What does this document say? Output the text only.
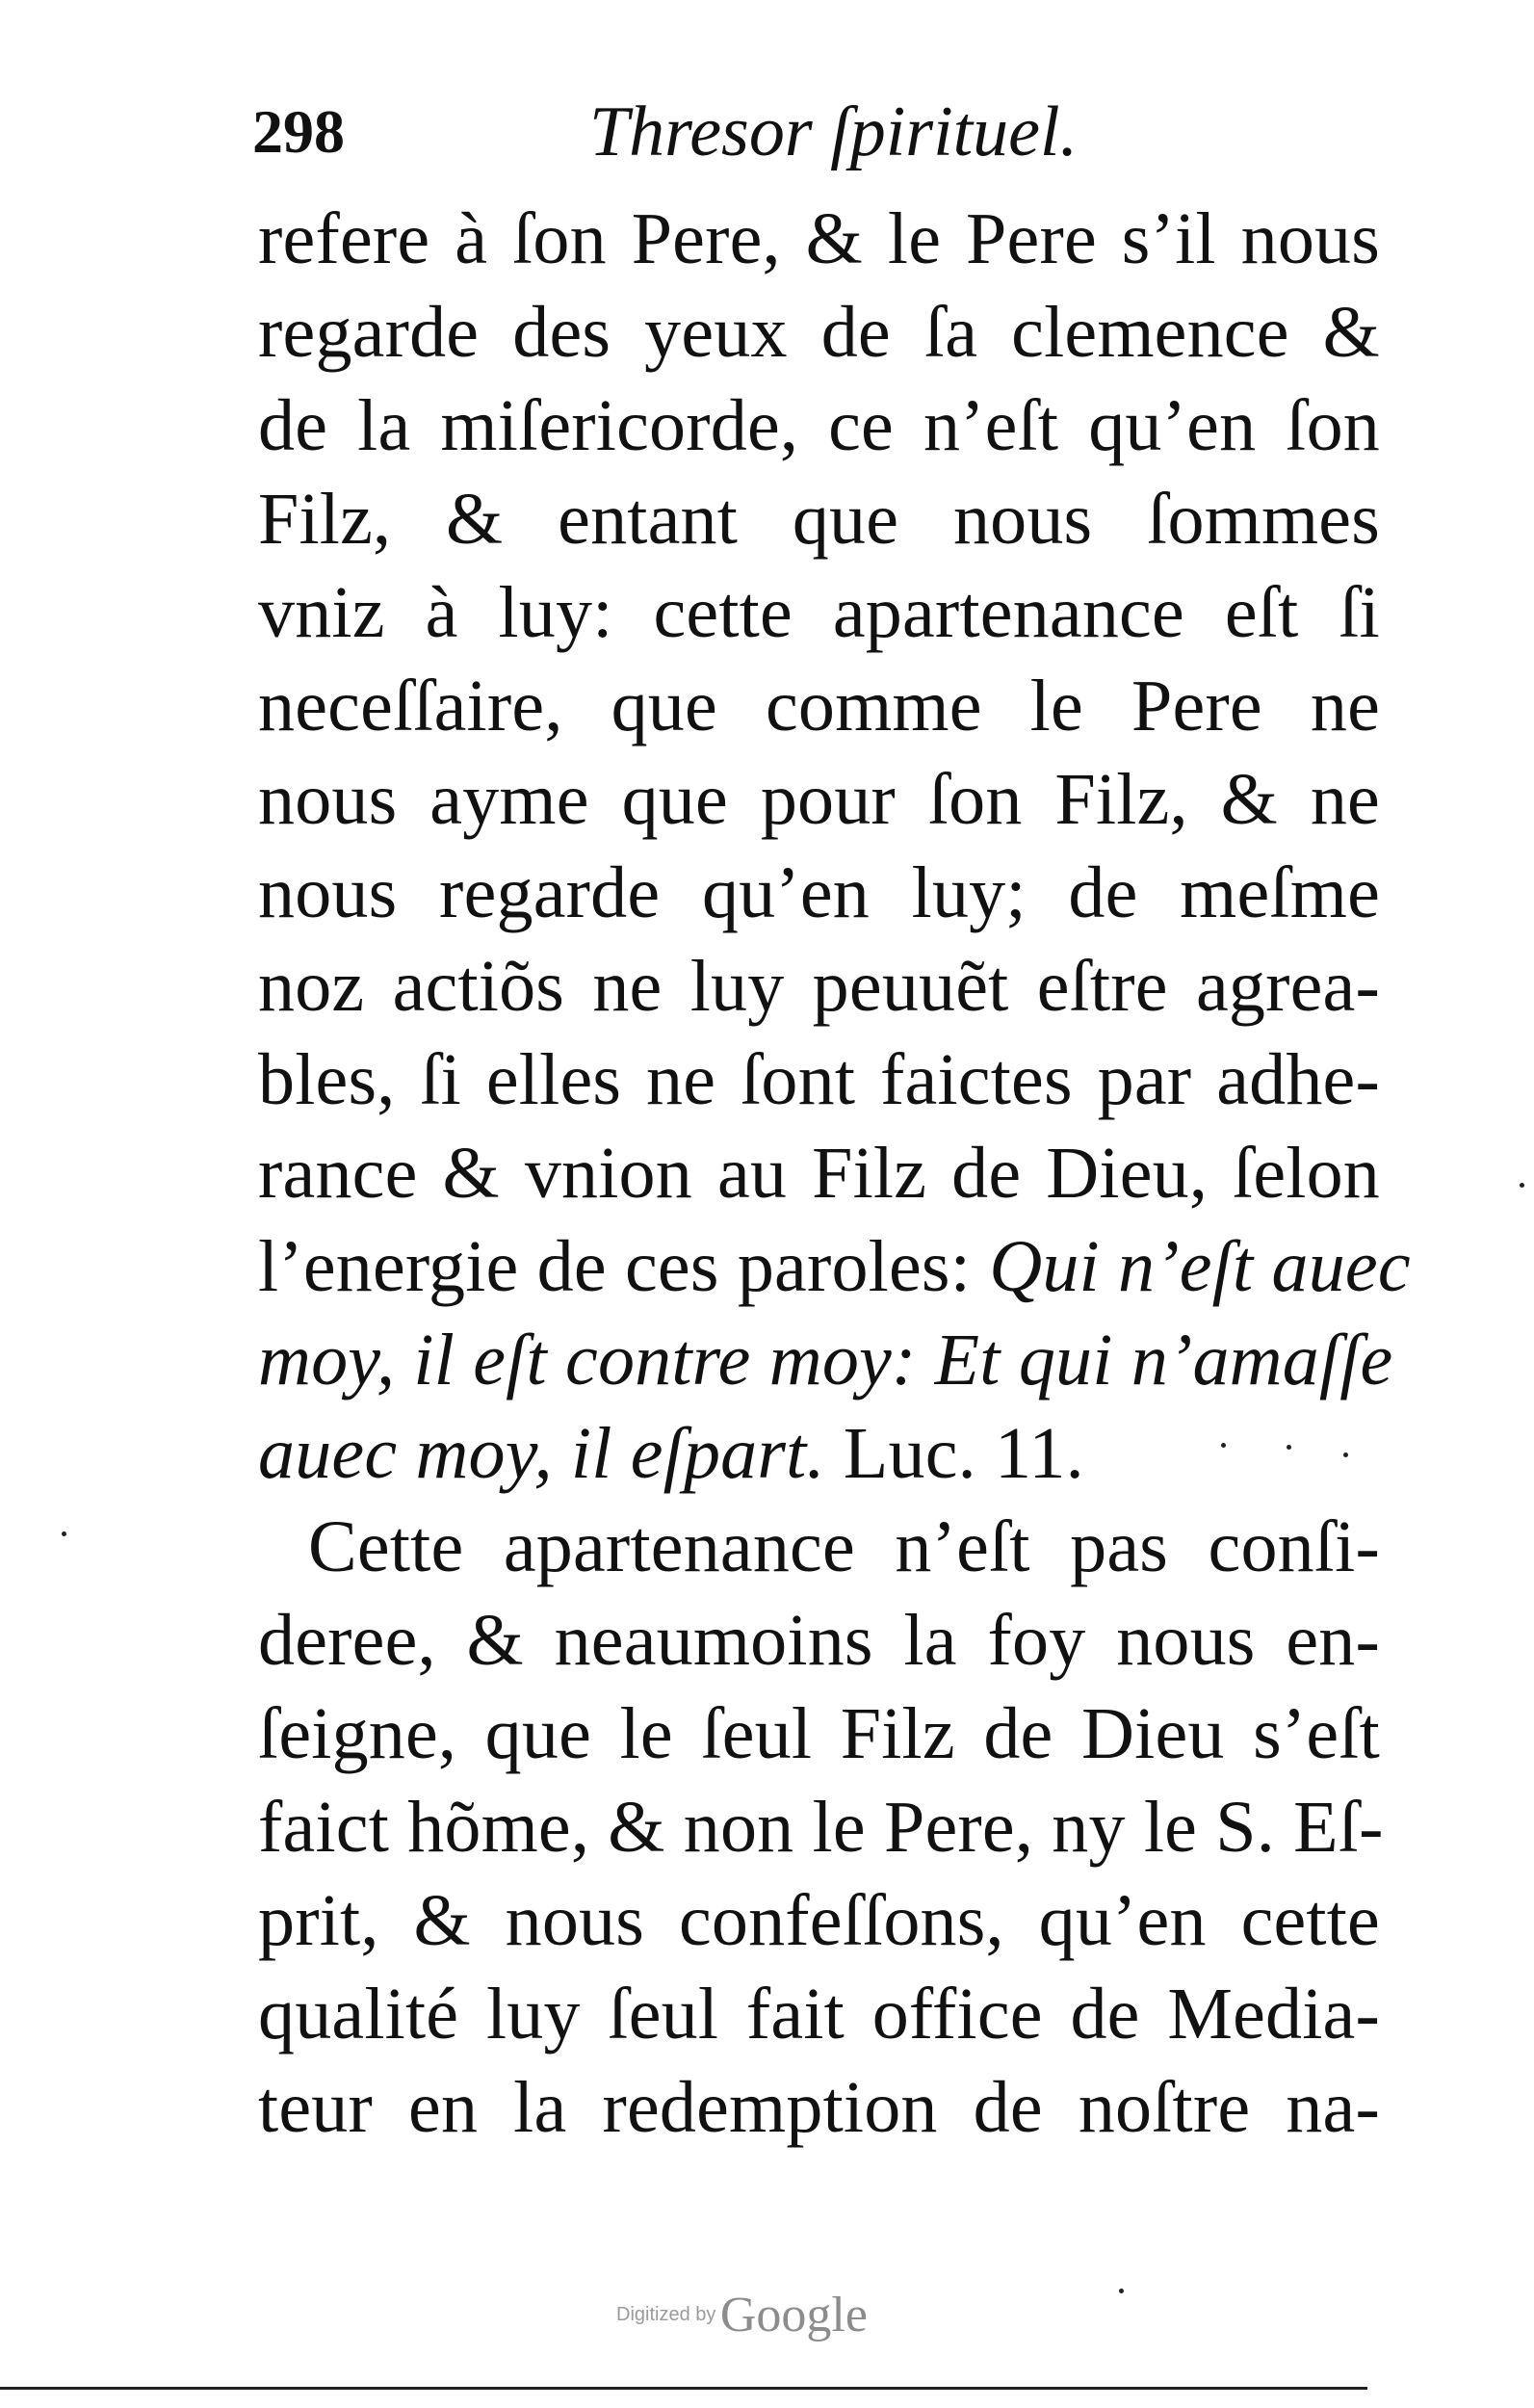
298	Thresor ſpirituel.
refere à ſon Pere, & le Pere s’il nous
regarde des yeux de ſa clemence &
de la miſericorde, ce n’eſt qu’en ſon
Filz, & entant que nous ſommes
vniz à luy: cette apartenance eſt ſi
neceſſaire, que comme le Pere ne
nous ayme que pour ſon Filz, & ne
nous regarde qu’en luy; de meſme
noz actiõs ne luy peuuẽt eſtre agrea-
bles, ſi elles ne ſont faictes par adhe-
rance & vnion au Filz de Dieu, ſelon
l’energie de ces paroles: Qui n’eſt auec
moy, il eſt contre moy: Et qui n’amaſſe
auec moy, il eſpart. Luc. 11.
Cette apartenance n’eſt pas conſi-
deree, & neaumoins la foy nous en-
ſeigne, que le ſeul Filz de Dieu s’eſt
faict hõme, & non le Pere, ny le S. Eſ-
prit, & nous confeſſons, qu’en cette
qualité luy ſeul fait office de Media-
teur en la redemption de noſtre na-
Digitized by Google
